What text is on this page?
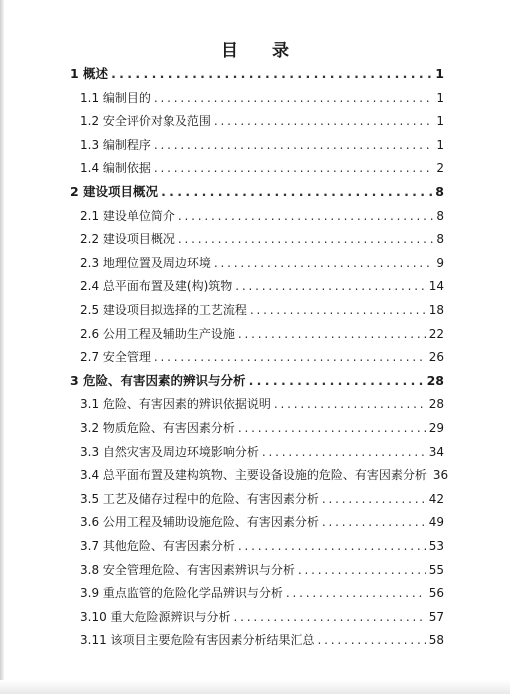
目 录
1 概述 . . .	1
1.1 编制目的 . . .	1
1.2 安全评价对象及范围 . . .	1
1.3 编制程序 . . .	1
1.4 编制依据 . . .	2
2 建设项目概况 . . .	8
2.1 建设单位简介 . . .	8
2.2 建设项目概况 . . .	8
2.3 地理位置及周边环境 . . .	9
2.4 总平面布置及建(构)筑物 . . .	14
2.5 建设项目拟选择的工艺流程 . . .	18
2.6 公用工程及辅助生产设施 . . .	22
2.7 安全管理 . . .	26
3 危险、有害因素的辨识与分析 . . .	28
3.1 危险、有害因素的辨识依据说明 . . .	28
3.2 物质危险、有害因素分析 . . .	29
3.3 自然灾害及周边环境影响分析 . . .	34
3.4 总平面布置及建构筑物、主要设备设施的危险、有害因素分析 36
3.5 工艺及储存过程中的危险、有害因素分析 . . .	42
3.6 公用工程及辅助设施危险、有害因素分析 . . .	49
3.7 其他危险、有害因素分析 . . .	53
3.8 安全管理危险、有害因素辨识与分析 . . .	55
3.9 重点监管的危险化学品辨识与分析 . . .	56
3.10 重大危险源辨识与分析 . . .	57
3.11 该项目主要危险有害因素分析结果汇总 . . .	58
